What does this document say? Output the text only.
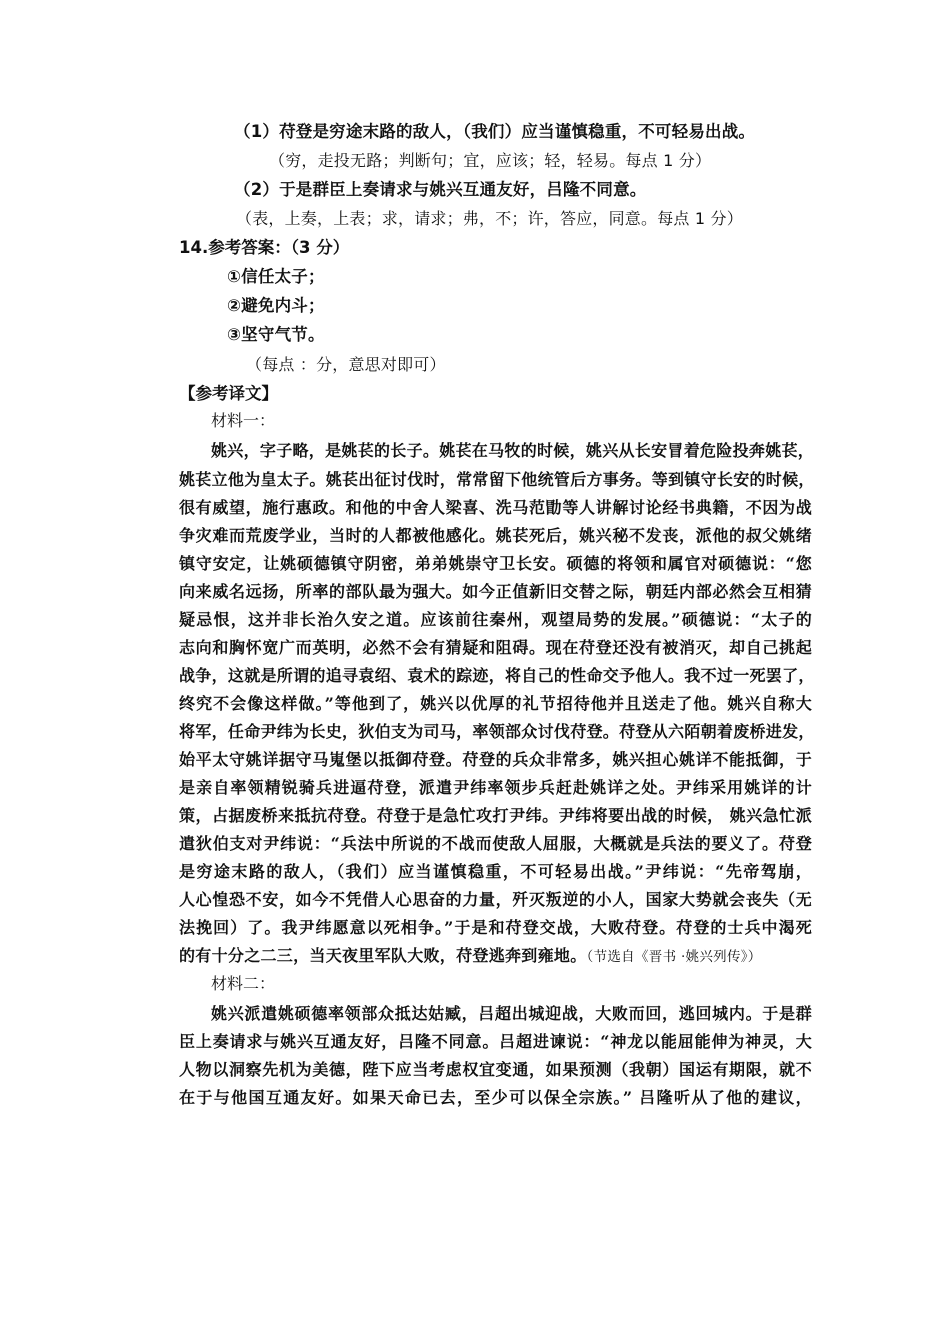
（1）苻登是穷途末路的敌人，（我们）应当谨慎稳重，不可轻易出战。
（穷，走投无路；判断句；宜，应该；轻，轻易。每点 1 分）
（2）于是群臣上奏请求与姚兴互通友好，吕隆不同意。
（表，上奏，上表；求，请求；弗，不；许，答应，同意。每点 1 分）
14.参考答案：（3 分）
①信任太子；
②避免内斗；
③坚守气节。
（每点 ：分，意思对即可）
【参考译文】
材料一：
姚兴，字子略，是姚苌的长子。姚苌在马牧的时候，姚兴从长安冒着危险投奔姚苌，
姚苌立他为皇太子。姚苌出征讨伐时，常常留下他统管后方事务。等到镇守长安的时候，
很有威望，施行惠政。和他的中舍人梁喜、洗马范勖等人讲解讨论经书典籍，不因为战
争灾难而荒废学业，当时的人都被他感化。姚苌死后，姚兴秘不发丧，派他的叔父姚绪
镇守安定，让姚硕德镇守阴密，弟弟姚崇守卫长安。硕德的将领和属官对硕德说：“您
向来威名远扬，所率的部队最为强大。如今正值新旧交替之际，朝廷内部必然会互相猜
疑忌恨，这并非长治久安之道。应该前往秦州，观望局势的发展。”硕德说：“太子的
志向和胸怀宽广而英明，必然不会有猜疑和阻碍。现在苻登还没有被消灭，却自己挑起
战争，这就是所谓的追寻袁绍、袁术的踪迹，将自己的性命交予他人。我不过一死罢了，
终究不会像这样做。”等他到了，姚兴以优厚的礼节招待他并且送走了他。姚兴自称大
将军，任命尹纬为长史，狄伯支为司马，率领部众讨伐苻登。苻登从六陌朝着废桥进发，
始平太守姚详据守马嵬堡以抵御苻登。苻登的兵众非常多，姚兴担心姚详不能抵御，于
是亲自率领精锐骑兵进逼苻登，派遣尹纬率领步兵赶赴姚详之处。尹纬采用姚详的计
策，占据废桥来抵抗苻登。苻登于是急忙攻打尹纬。尹纬将要出战的时候， 姚兴急忙派
遣狄伯支对尹纬说：“兵法中所说的不战而使敌人屈服，大概就是兵法的要义了。苻登
是穷途末路的敌人，（我们）应当谨慎稳重，不可轻易出战。”尹纬说：“先帝驾崩，
人心惶恐不安，如今不凭借人心思奋的力量，歼灭叛逆的小人，国家大势就会丧失（无
法挽回）了。我尹纬愿意以死相争。”于是和苻登交战，大败苻登。苻登的士兵中渴死
的有十分之二三，当天夜里军队大败，苻登逃奔到雍地。（节选自《晋书 ·姚兴列传》）
材料二：
姚兴派遣姚硕德率领部众抵达姑臧，吕超出城迎战，大败而回，逃回城内。于是群
臣上奏请求与姚兴互通友好，吕隆不同意。吕超进谏说：“神龙以能屈能伸为神灵，大
人物以洞察先机为美德，陛下应当考虑权宜变通，如果预测（我朝）国运有期限，就不
在于与他国互通友好。如果天命已去，至少可以保全宗族。” 吕隆听从了他的建议，
